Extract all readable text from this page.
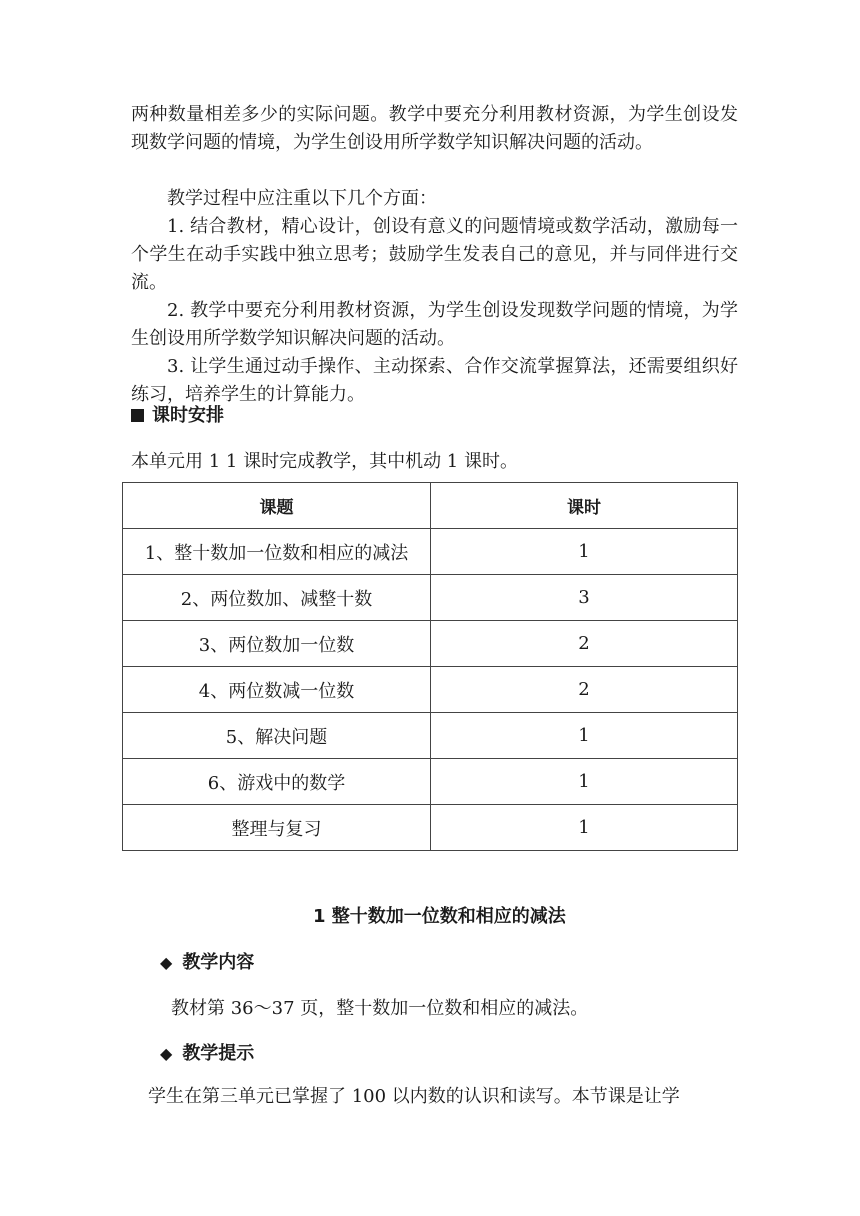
两种数量相差多少的实际问题。教学中要充分利用教材资源，为学生创设发现数学问题的情境，为学生创设用所学数学知识解决问题的活动。

教学过程中应注重以下几个方面：

1. 结合教材，精心设计，创设有意义的问题情境或数学活动，激励每一个学生在动手实践中独立思考；鼓励学生发表自己的意见，并与同伴进行交流。

2. 教学中要充分利用教材资源，为学生创设发现数学问题的情境，为学生创设用所学数学知识解决问题的活动。

3. 让学生通过动手操作、主动探索、合作交流掌握算法，还需要组织好练习，培养学生的计算能力。

课时安排

本单元用 1 1 课时完成教学，其中机动 1 课时。

课题	课时
1、整十数加一位数和相应的减法	1
2、两位数加、减整十数	3
3、两位数加一位数	2
4、两位数减一位数	2
5、解决问题	1
6、游戏中的数学	1
整理与复习	1
1 整十数加一位数和相应的减法
◆ 教学内容

教材第 36～37 页，整十数加一位数和相应的减法。

◆ 教学提示

学生在第三单元已掌握了 100 以内数的认识和读写。本节课是让学
